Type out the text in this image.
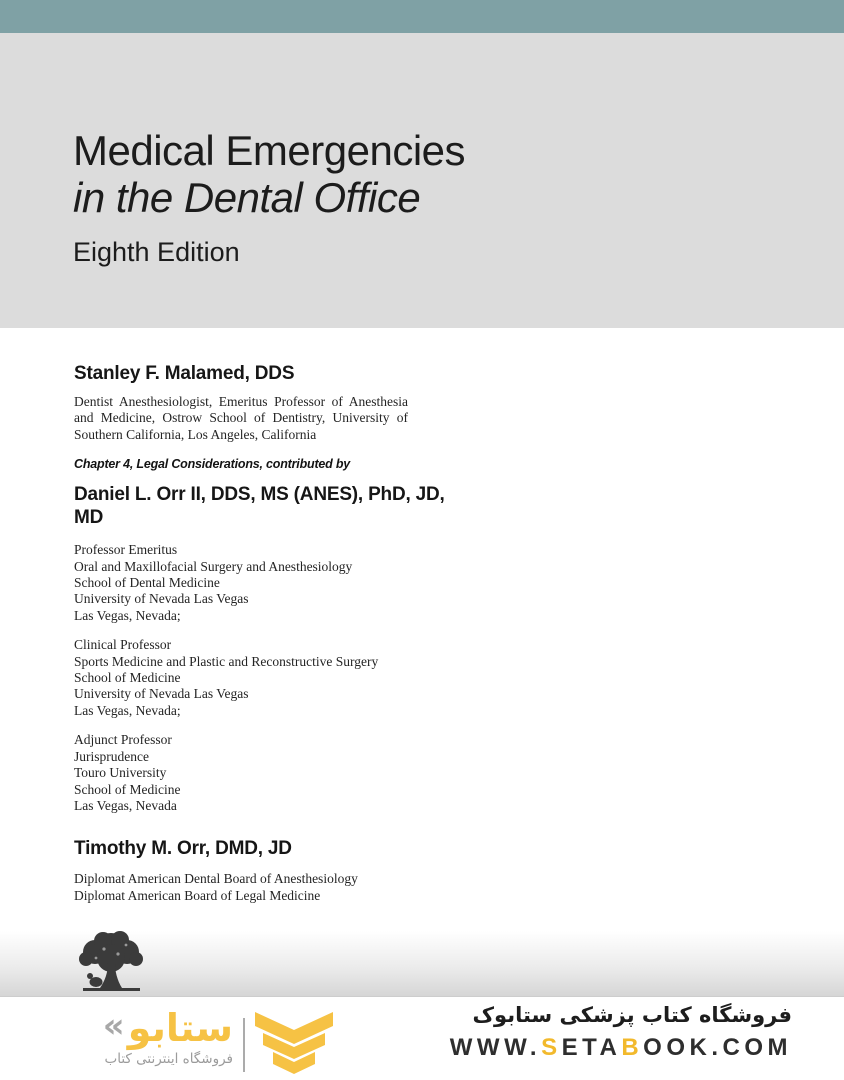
Medical Emergencies
in the Dental Office
Eighth Edition
Stanley F. Malamed, DDS

Dentist Anesthesiologist, Emeritus Professor of Anesthesia and Medicine, Ostrow School of Dentistry, University of Southern California, Los Angeles, California

Chapter 4, Legal Considerations, contributed by

Daniel L. Orr II, DDS, MS (ANES), PhD, JD, MD
Professor Emeritus
Oral and Maxillofacial Surgery and Anesthesiology
School of Dental Medicine
University of Nevada Las Vegas
Las Vegas, Nevada;
Clinical Professor
Sports Medicine and Plastic and Reconstructive Surgery
School of Medicine
University of Nevada Las Vegas
Las Vegas, Nevada;
Adjunct Professor
Jurisprudence
Touro University
School of Medicine
Las Vegas, Nevada
Timothy M. Orr, DMD, JD
Diplomat American Dental Board of Anesthesiology
Diplomat American Board of Legal Medicine
« ستابو
فروشگاه اینترنتی کتاب
فروشگاه کتاب پزشکی ستابوک
WWW.SETABOOK.COM
